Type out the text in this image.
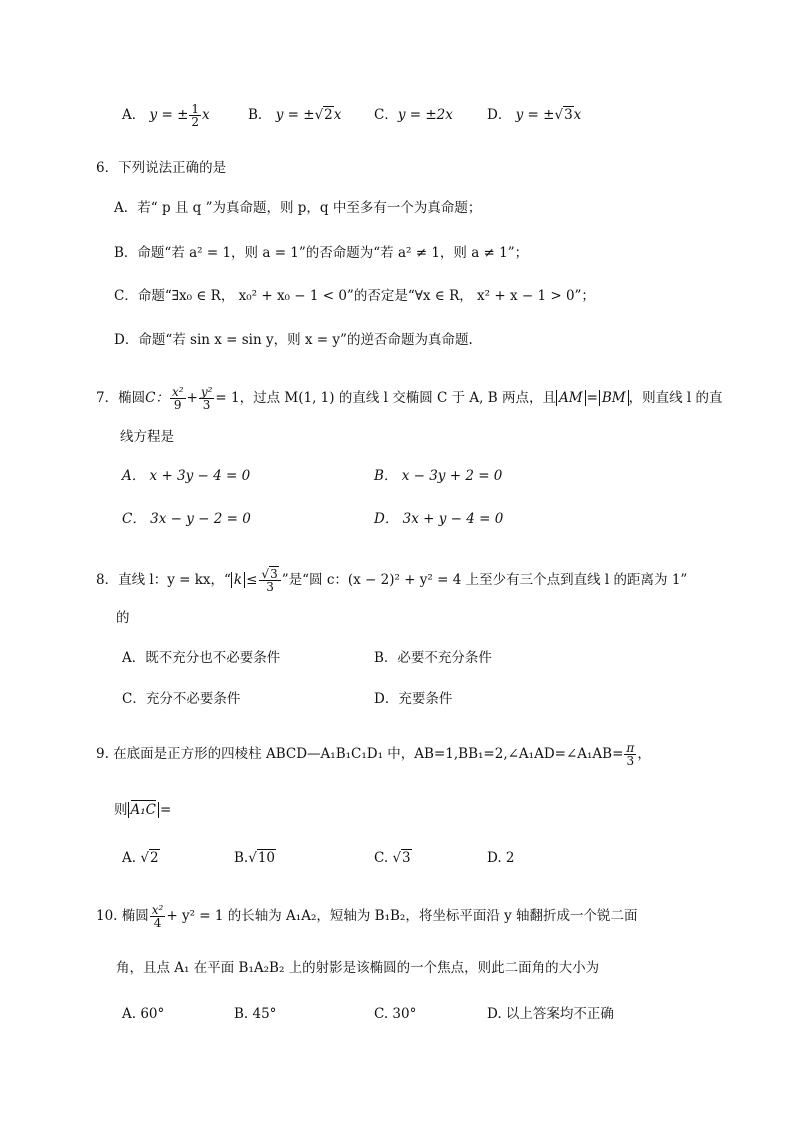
A． y = ± $\frac{1}{2}$ x	B． y = ±√2x C．y = ±2x	D． y = ±√3x
6．下列说法正确的是
A．若“ p 且 q ”为真命题，则 p，q 中至多有一个为真命题；
B．命题“若 a² = 1，则 a = 1”的否命题为“若 a² ≠ 1，则 a ≠ 1”；
C．命题“∃x₀ ∈ R， x₀² + x₀ − 1 < 0”的否定是“∀x ∈ R， x² + x − 1 > 0”；
D．命题“若 sin x = sin y，则 x = y”的逆否命题为真命题.
7．椭圆C： $\frac{\text{x²}}{9} + \frac{\text{y²}}{3} = 1$，过点 M(1, 1) 的直线 l 交椭圆 C 于 A, B 两点，且 AM = BM ，则直线 l 的直
线方程是
A． x + 3y − 4 = 0	B． x − 3y + 2 = 0
C． 3x − y − 2 = 0	D． 3x + y − 4 = 0
8．直线 l：y = kx，“ $k \le \frac{√3}{3}$ ”是“圆 c：(x − 2)² + y² = 4 上至少有三个点到直线 l 的距离为 1”
的
A．既不充分也不必要条件	B．必要不充分条件
C．充分不必要条件	D．充要条件
9. 在底面是正方形的四棱柱 ABCD—A₁B₁C₁D₁ 中，AB=1,BB₁=2,∠A₁AD=∠A₁AB= $\frac{\pi}{3}$ ，
则 A₁C =
A. √2	B.√10	C. √3	D. 2
10. 椭圆 $\frac{\text{x²}}{4} + y^2 = 1$ 的长轴为 A₁A₂，短轴为 B₁B₂，将坐标平面沿 y 轴翻折成一个锐二面
角，且点 A₁ 在平面 B₁A₂B₂ 上的射影是该椭圆的一个焦点，则此二面角的大小为
A. 60°	B. 45°	C. 30°	D. 以上答案均不正确
